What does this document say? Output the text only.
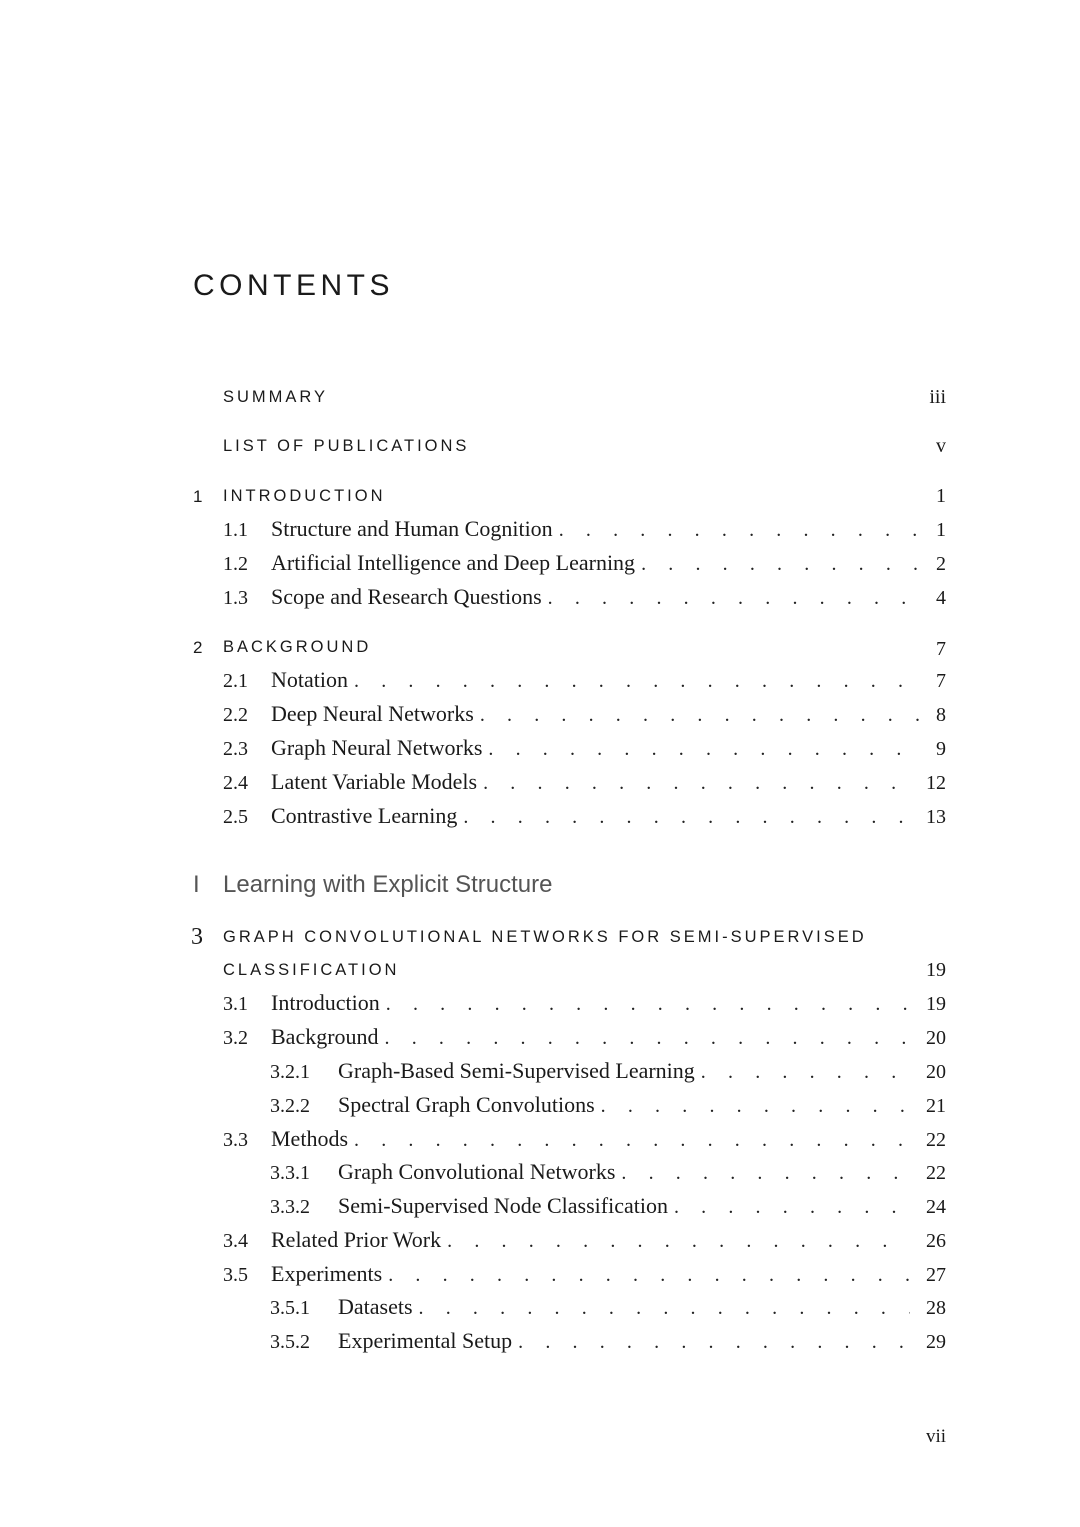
CONTENTS
SUMMARY	iii
LIST OF PUBLICATIONS	v
1 INTRODUCTION	1
1.1	Structure and Human Cognition . . .	1
1.2	Artificial Intelligence and Deep Learning . . .	2
1.3	Scope and Research Questions . . .	4
2 BACKGROUND	7
2.1	Notation . . .	7
2.2	Deep Neural Networks . . .	8
2.3	Graph Neural Networks . . .	9
2.4	Latent Variable Models . . .	12
2.5	Contrastive Learning . . .	13
I Learning with Explicit Structure
3 GRAPH CONVOLUTIONAL NETWORKS FOR SEMI-SUPERVISED
CLASSIFICATION	19
3.1	Introduction . . .	19
3.2	Background . . .	20
3.2.1	Graph-Based Semi-Supervised Learning . . .	20
3.2.2	Spectral Graph Convolutions . . .	21
3.3	Methods . . .	22
3.3.1	Graph Convolutional Networks . . .	22
3.3.2	Semi-Supervised Node Classification . . .	24
3.4	Related Prior Work . . .	26
3.5	Experiments . . .	27
3.5.1	Datasets . . .	28
3.5.2	Experimental Setup . . .	29
vii
